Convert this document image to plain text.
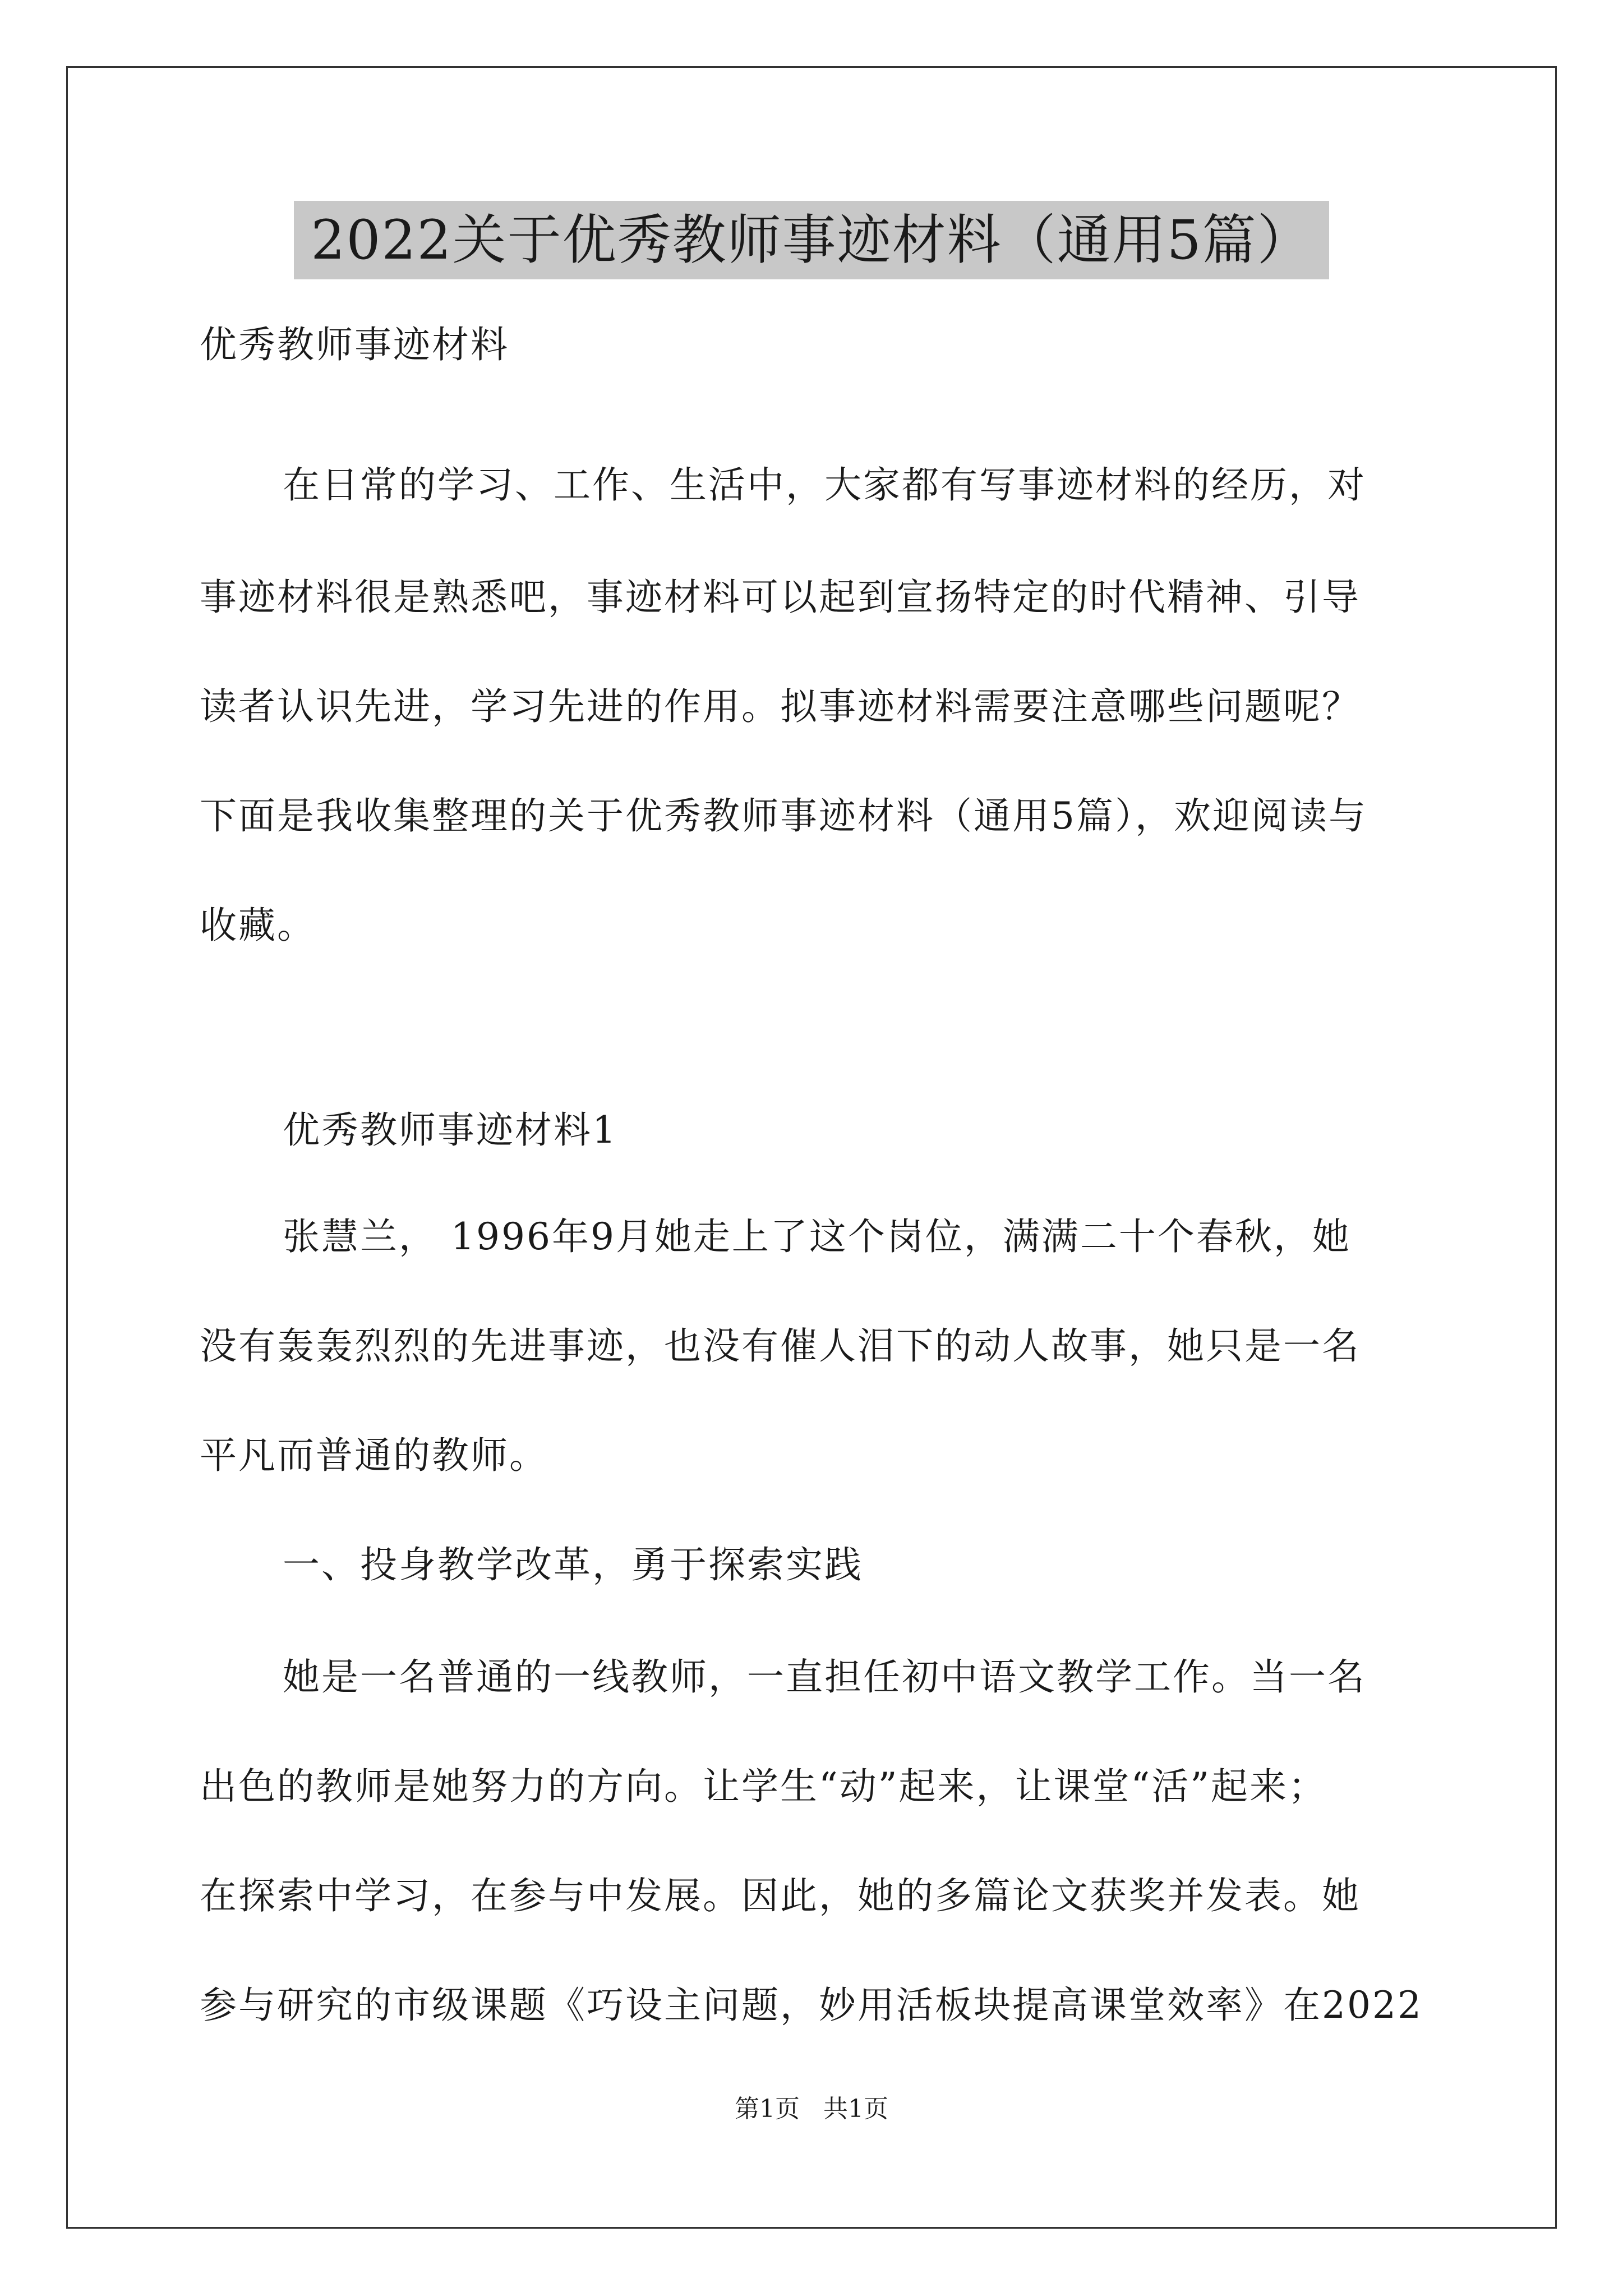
2022关于优秀教师事迹材料（通用5篇）
优秀教师事迹材料
在日常的学习、工作、生活中，大家都有写事迹材料的经历，对
事迹材料很是熟悉吧，事迹材料可以起到宣扬特定的时代精神、引导
读者认识先进，学习先进的作用。拟事迹材料需要注意哪些问题呢？
下面是我收集整理的关于优秀教师事迹材料（通用5篇），欢迎阅读与
收藏。
优秀教师事迹材料1
张慧兰， 1996年9月她走上了这个岗位，满满二十个春秋，她
没有轰轰烈烈的先进事迹，也没有催人泪下的动人故事，她只是一名
平凡而普通的教师。
一、投身教学改革，勇于探索实践
她是一名普通的一线教师，一直担任初中语文教学工作。当一名
出色的教师是她努力的方向。让学生“动”起来，让课堂“活”起来；
在探索中学习，在参与中发展。因此，她的多篇论文获奖并发表。她
参与研究的市级课题《巧设主问题，妙用活板块提高课堂效率》在2022
第1页   共1页
